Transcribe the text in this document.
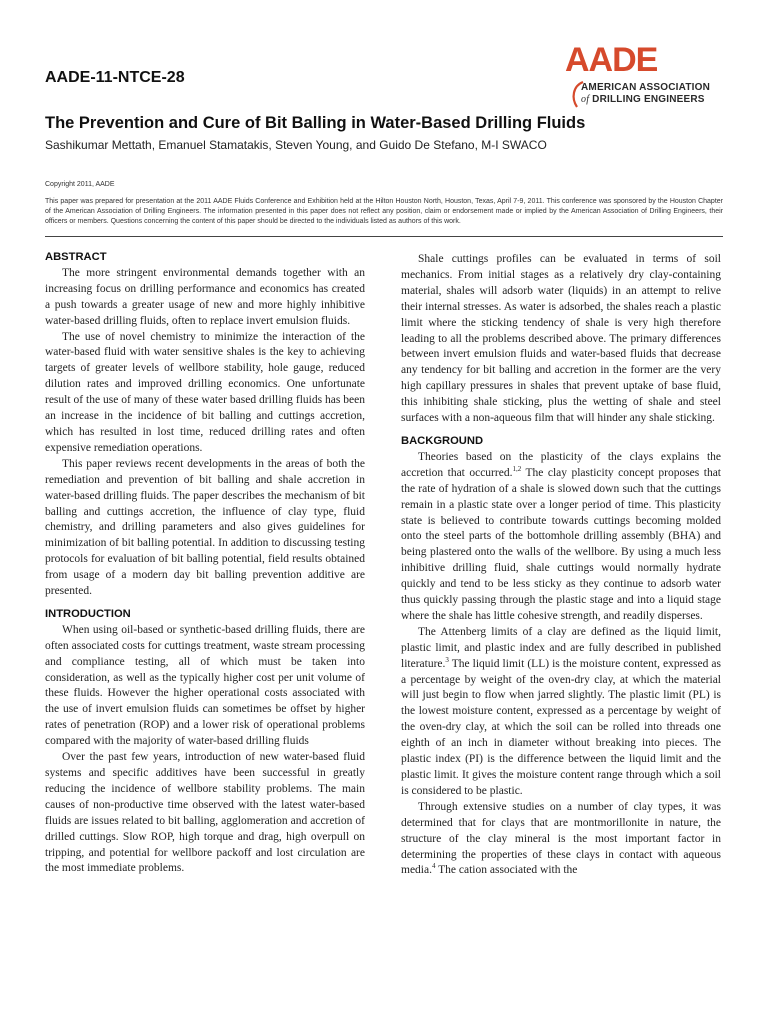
AADE-11-NTCE-28	AADE
AMERICAN ASSOCIATION
of DRILLING ENGINEERS
The Prevention and Cure of Bit Balling in Water-Based Drilling Fluids
Sashikumar Mettath, Emanuel Stamatakis, Steven Young, and Guido De Stefano, M-I SWACO
Copyright 2011, AADE
This paper was prepared for presentation at the 2011 AADE Fluids Conference and Exhibition held at the Hilton Houston North, Houston, Texas, April 7-9, 2011. This conference was sponsored by the Houston Chapter of the American Association of Drilling Engineers. The information presented in this paper does not reflect any position, claim or endorsement made or implied by the American Association of Drilling Engineers, their officers or members. Questions concerning the content of this paper should be directed to the individuals listed as authors of this work.
ABSTRACT

The more stringent environmental demands together with an increasing focus on drilling performance and economics has created a push towards a greater usage of new and more highly inhibitive water-based drilling fluids, often to replace invert emulsion fluids.

The use of novel chemistry to minimize the interaction of the water-based fluid with water sensitive shales is the key to achieving targets of greater levels of wellbore stability, hole gauge, reduced dilution rates and improved drilling economics. One unfortunate result of the use of many of these water based drilling fluids has been an increase in the incidence of bit balling and cuttings accretion, which has resulted in lost time, reduced drilling rates and often expensive remediation operations.

This paper reviews recent developments in the areas of both the remediation and prevention of bit balling and shale accretion in water-based drilling fluids. The paper describes the mechanism of bit balling and cuttings accretion, the influence of clay type, fluid chemistry, and drilling parameters and also gives guidelines for minimization of bit balling potential. In addition to discussing testing protocols for evaluation of bit balling potential, field results obtained from usage of a modern day bit balling prevention additive are presented.

INTRODUCTION

When using oil-based or synthetic-based drilling fluids, there are often associated costs for cuttings treatment, waste stream processing and compliance testing, all of which must be taken into consideration, as well as the typically higher cost per unit volume of these fluids. However the higher operational costs associated with the use of invert emulsion fluids can sometimes be offset by higher rates of penetration (ROP) and a lower risk of operational problems compared with the majority of water-based drilling fluids

Over the past few years, introduction of new water-based fluid systems and specific additives have been successful in greatly reducing the incidence of wellbore stability problems. The main causes of non-productive time observed with the latest water-based fluids are issues related to bit balling, agglomeration and accretion of drilled cuttings. Slow ROP, high torque and drag, high overpull on tripping, and potential for wellbore packoff and lost circulation are the most immediate problems.

Shale cuttings profiles can be evaluated in terms of soil mechanics. From initial stages as a relatively dry clay-containing material, shales will adsorb water (liquids) in an attempt to relive their internal stresses. As water is adsorbed, the shales reach a plastic limit where the sticking tendency of shale is very high therefore leading to all the problems described above. The primary differences between invert emulsion fluids and water-based fluids that decrease any tendency for bit balling and accretion in the former are the very high capillary pressures in shales that prevent uptake of base fluid, this inhibiting shale sticking, plus the wetting of shale and steel surfaces with a non-aqueous film that will hinder any shale sticking.

BACKGROUND

Theories based on the plasticity of the clays explains the accretion that occurred.$^{1,2}$ The clay plasticity concept proposes that the rate of hydration of a shale is slowed down such that the cuttings remain in a plastic state over a longer period of time. This plasticity state is believed to contribute towards cuttings becoming molded onto the steel parts of the bottomhole drilling assembly (BHA) and being plastered onto the walls of the wellbore. By using a much less inhibitive drilling fluid, shale cuttings would normally hydrate quickly and tend to be less sticky as they continue to adsorb water thus quickly passing through the plastic stage and into a liquid stage where the shale has little cohesive strength, and readily disperses.

The Attenberg limits of a clay are defined as the liquid limit, plastic limit, and plastic index and are fully described in published literature.$^3$ The liquid limit (LL) is the moisture content, expressed as a percentage by weight of the oven-dry clay, at which the material will just begin to flow when jarred slightly. The plastic limit (PL) is the lowest moisture content, expressed as a percentage by weight of the oven-dry clay, at which the soil can be rolled into threads one eighth of an inch in diameter without breaking into pieces. The plastic index (PI) is the difference between the liquid limit and the plastic limit. It gives the moisture content range through which a soil is considered to be plastic.

Through extensive studies on a number of clay types, it was determined that for clays that are montmorillonite in nature, the structure of the clay mineral is the most important factor in determining the properties of these clays in contact with aqueous media.$^4$ The cation associated with the
